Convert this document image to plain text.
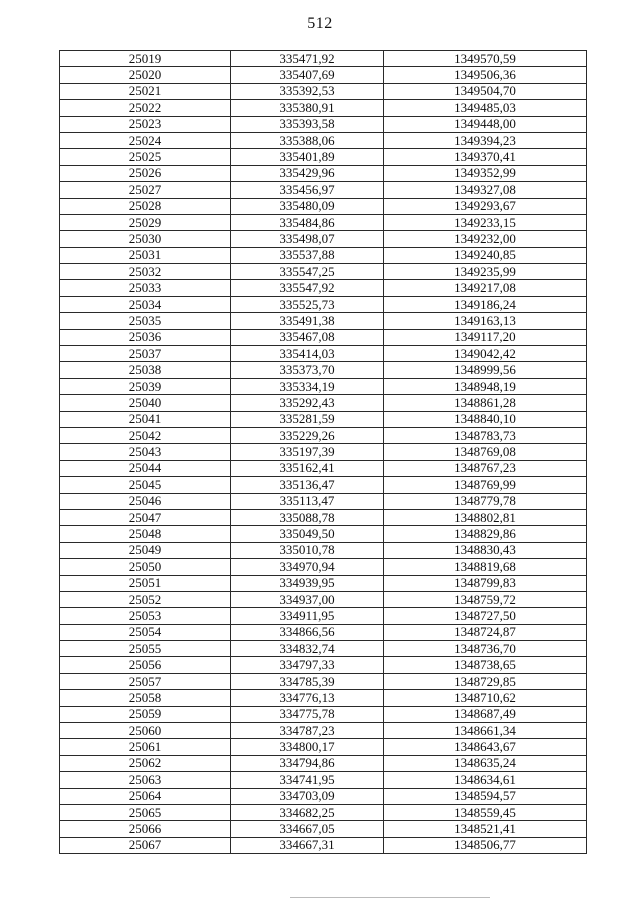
512
25019	335471,92	1349570,59
25020	335407,69	1349506,36
25021	335392,53	1349504,70
25022	335380,91	1349485,03
25023	335393,58	1349448,00
25024	335388,06	1349394,23
25025	335401,89	1349370,41
25026	335429,96	1349352,99
25027	335456,97	1349327,08
25028	335480,09	1349293,67
25029	335484,86	1349233,15
25030	335498,07	1349232,00
25031	335537,88	1349240,85
25032	335547,25	1349235,99
25033	335547,92	1349217,08
25034	335525,73	1349186,24
25035	335491,38	1349163,13
25036	335467,08	1349117,20
25037	335414,03	1349042,42
25038	335373,70	1348999,56
25039	335334,19	1348948,19
25040	335292,43	1348861,28
25041	335281,59	1348840,10
25042	335229,26	1348783,73
25043	335197,39	1348769,08
25044	335162,41	1348767,23
25045	335136,47	1348769,99
25046	335113,47	1348779,78
25047	335088,78	1348802,81
25048	335049,50	1348829,86
25049	335010,78	1348830,43
25050	334970,94	1348819,68
25051	334939,95	1348799,83
25052	334937,00	1348759,72
25053	334911,95	1348727,50
25054	334866,56	1348724,87
25055	334832,74	1348736,70
25056	334797,33	1348738,65
25057	334785,39	1348729,85
25058	334776,13	1348710,62
25059	334775,78	1348687,49
25060	334787,23	1348661,34
25061	334800,17	1348643,67
25062	334794,86	1348635,24
25063	334741,95	1348634,61
25064	334703,09	1348594,57
25065	334682,25	1348559,45
25066	334667,05	1348521,41
25067	334667,31	1348506,77
